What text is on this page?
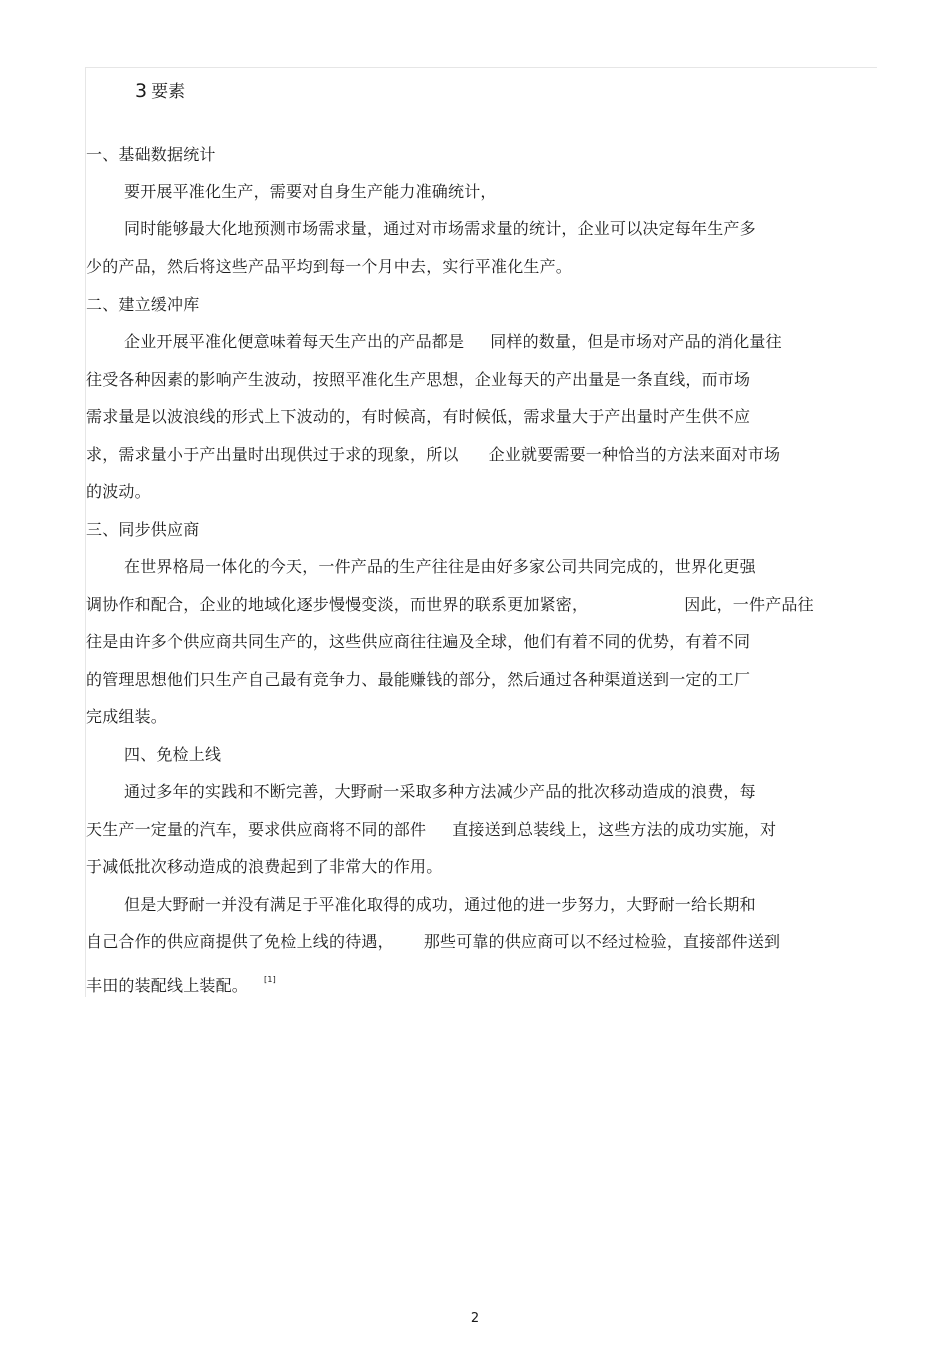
3 要素
一、基础数据统计
要开展平准化生产，需要对自身生产能力准确统计，
同时能够最大化地预测市场需求量，通过对市场需求量的统计，企业可以决定每年生产多
少的产品，然后将这些产品平均到每一个月中去，实行平准化生产。
二、建立缓冲库
企业开展平准化便意味着每天生产出的产品都是 同样的数量，但是市场对产品的消化量往
往受各种因素的影响产生波动，按照平准化生产思想，企业每天的产出量是一条直线，而市场
需求量是以波浪线的形式上下波动的，有时候高，有时候低，需求量大于产出量时产生供不应
求，需求量小于产出量时出现供过于求的现象，所以 企业就要需要一种恰当的方法来面对市场
的波动。
三、同步供应商
在世界格局一体化的今天，一件产品的生产往往是由好多家公司共同完成的，世界化更强
调协作和配合，企业的地域化逐步慢慢变淡，而世界的联系更加紧密，	因此，一件产品往
往是由许多个供应商共同生产的，这些供应商往往遍及全球，他们有着不同的优势，有着不同
的管理思想他们只生产自己最有竞争力、最能赚钱的部分，然后通过各种渠道送到一定的工厂
完成组装。
四、免检上线
通过多年的实践和不断完善，大野耐一采取多种方法减少产品的批次移动造成的浪费，每
天生产一定量的汽车，要求供应商将不同的部件 直接送到总装线上，这些方法的成功实施，对
于减低批次移动造成的浪费起到了非常大的作用。
但是大野耐一并没有满足于平准化取得的成功，通过他的进一步努力，大野耐一给长期和
自己合作的供应商提供了免检上线的待遇， 那些可靠的供应商可以不经过检验，直接部件送到
丰田的装配线上装配。 [1]
2
